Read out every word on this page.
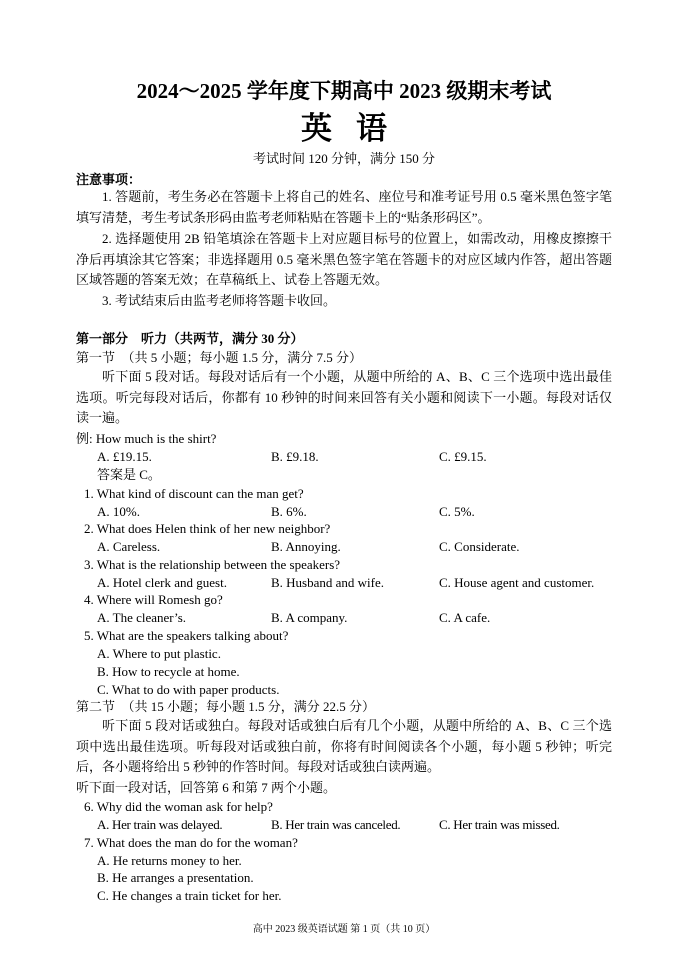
2024～2025 学年度下期高中 2023 级期末考试
英语
考试时间 120 分钟，满分 150 分
注意事项：
1. 答题前，考生务必在答题卡上将自己的姓名、座位号和准考证号用 0.5 毫米黑色签字笔填写清楚，考生考试条形码由监考老师粘贴在答题卡上的“贴条形码区”。
2. 选择题使用 2B 铅笔填涂在答题卡上对应题目标号的位置上，如需改动，用橡皮擦擦干净后再填涂其它答案；非选择题用 0.5 毫米黑色签字笔在答题卡的对应区域内作答，超出答题区域答题的答案无效；在草稿纸上、试卷上答题无效。
3. 考试结束后由监考老师将答题卡收回。
第一部分　听力（共两节，满分 30 分）
第一节　（共 5 小题；每小题 1.5 分，满分 7.5 分）
听下面 5 段对话。每段对话后有一个小题，从题中所给的 A、B、C 三个选项中选出最佳选项。听完每段对话后，你都有 10 秒钟的时间来回答有关小题和阅读下一小题。每段对话仅读一遍。
例: How much is the shirt?
A. £19.15.	B. £9.18.	C. £9.15.
答案是 C。
1. What kind of discount can the man get?
A. 10%.	B. 6%.	C. 5%.
2. What does Helen think of her new neighbor?
A. Careless.	B. Annoying.	C. Considerate.
3. What is the relationship between the speakers?
A. Hotel clerk and guest.	B. Husband and wife.	C. House agent and customer.
4. Where will Romesh go?
A. The cleaner’s.	B. A company.	C. A cafe.
5. What are the speakers talking about?
A. Where to put plastic.
B. How to recycle at home.
C. What to do with paper products.
第二节　（共 15 小题；每小题 1.5 分，满分 22.5 分）
听下面 5 段对话或独白。每段对话或独白后有几个小题，从题中所给的 A、B、C 三个选项中选出最佳选项。听每段对话或独白前，你将有时间阅读各个小题，每小题 5 秒钟；听完后，各小题将给出 5 秒钟的作答时间。每段对话或独白读两遍。
听下面一段对话，回答第 6 和第 7 两个小题。
6. Why did the woman ask for help?
A. Her train was delayed.	B. Her train was canceled.	C. Her train was missed.
7. What does the man do for the woman?
A. He returns money to her.
B. He arranges a presentation.
C. He changes a train ticket for her.
高中 2023 级英语试题 第 1 页（共 10 页）
